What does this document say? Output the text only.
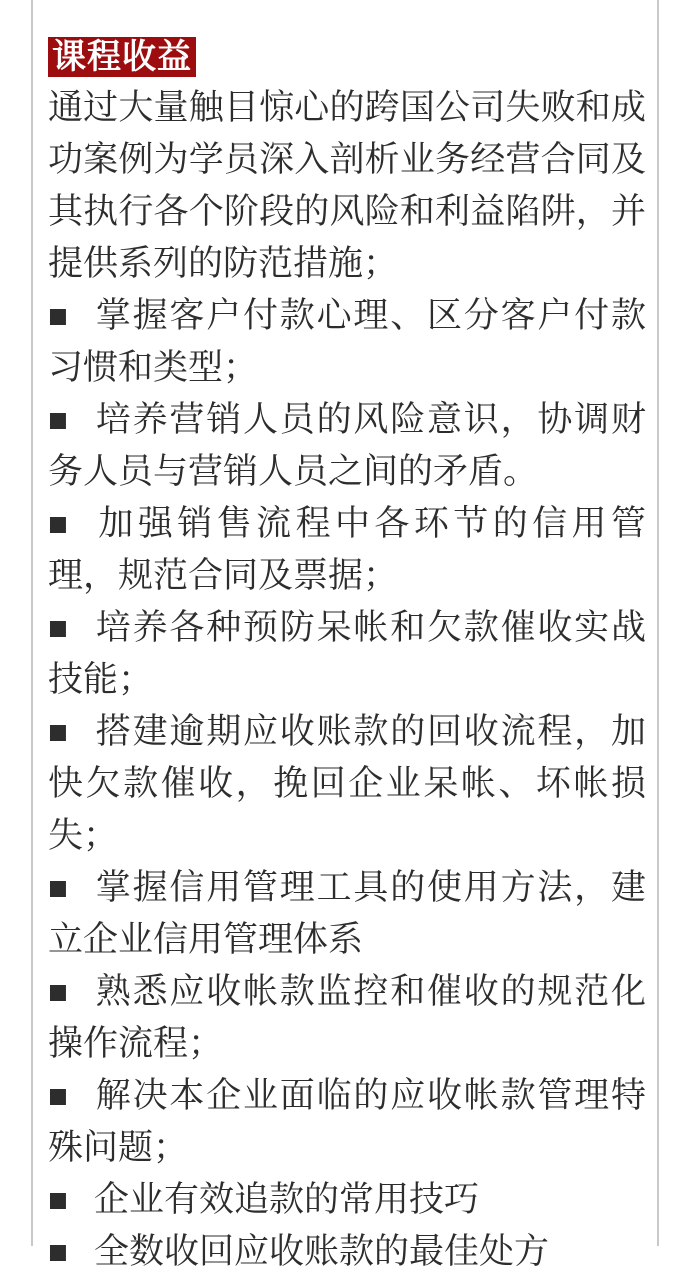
课程收益

通过大量触目惊心的跨国公司失败和成功案例为学员深入剖析业务经营合同及其执行各个阶段的风险和利益陷阱，并提供系列的防范措施；

■ 掌握客户付款心理、区分客户付款习惯和类型；

■ 培养营销人员的风险意识，协调财务人员与营销人员之间的矛盾。

■ 加强销售流程中各环节的信用管理，规范合同及票据；

■ 培养各种预防呆帐和欠款催收实战技能；

■ 搭建逾期应收账款的回收流程，加快欠款催收，挽回企业呆帐、坏帐损失；

■ 掌握信用管理工具的使用方法，建立企业信用管理体系

■ 熟悉应收帐款监控和催收的规范化操作流程；

■ 解决本企业面临的应收帐款管理特殊问题；

■ 企业有效追款的常用技巧

■ 全数收回应收账款的最佳处方
